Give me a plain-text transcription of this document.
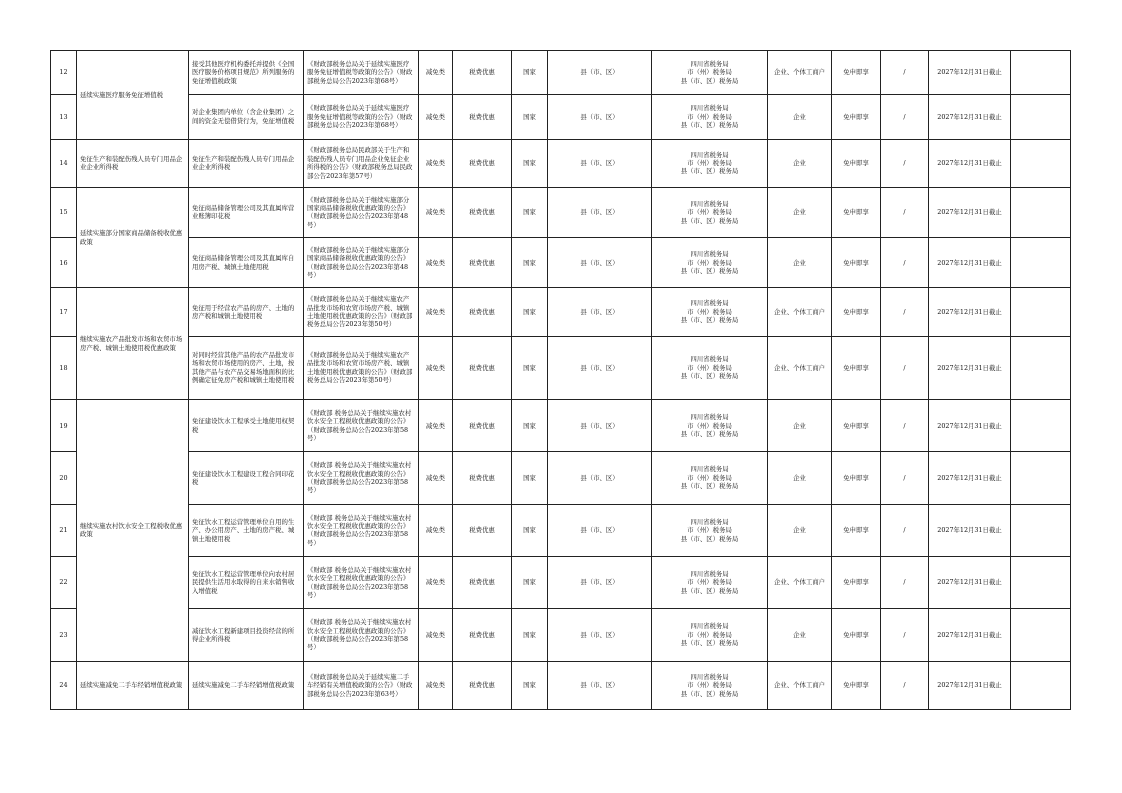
12	延续实施医疗服务免征增值税	接受其他医疗机构委托并提供《全国医疗服务价格项目规范》所列服务的免征增值税政策	《财政部税务总局关于延续实施医疗服务免征增值税等政策的公告》（财政部税务总局公告2023年第68号）	减免类	税费优惠	国家	县（市、区）	四川省税务局
市（州）税务局
县（市、区）税务局	企业、个体工商户	免申即享	/	2027年12月31日截止	
13		对企业集团内单位（含企业集团）之间的资金无偿借贷行为，免征增值税	《财政部税务总局关于延续实施医疗服务免征增值税等政策的公告》（财政部税务总局公告2023年第68号）	减免类	税费优惠	国家	县（市、区）	四川省税务局
市（州）税务局
县（市、区）税务局	企业	免申即享	/	2027年12月31日截止	
14	免征生产和装配伤残人员专门用品企业企业所得税	免征生产和装配伤残人员专门用品企业企业所得税	《财政部税务总局民政部关于生产和装配伤残人员专门用品企业免征企业所得税的公告》（财政部税务总局民政部公告2023年第57号）	减免类	税费优惠	国家	县（市、区）	四川省税务局
市（州）税务局
县（市、区）税务局	企业	免申即享	/	2027年12月31日截止	
15	延续实施部分国家商品储备税收优惠政策	免征商品储备管理公司及其直属库营业账簿印花税	《财政部税务总局关于继续实施部分国家商品储备税收优惠政策的公告》（财政部税务总局公告2023年第48号）	减免类	税费优惠	国家	县（市、区）	四川省税务局
市（州）税务局
县（市、区）税务局	企业	免申即享	/	2027年12月31日截止	
16		免征商品储备管理公司及其直属库自用房产税、城镇土地使用税	《财政部税务总局关于继续实施部分国家商品储备税收优惠政策的公告》（财政部税务总局公告2023年第48号）	减免类	税费优惠	国家	县（市、区）	四川省税务局
市（州）税务局
县（市、区）税务局	企业	免申即享	/	2027年12月31日截止	
17	继续实施农产品批发市场和农贸市场房产税、城镇土地使用税优惠政策	免征用于经营农产品的房产、土地的房产税和城镇土地使用税	《财政部税务总局关于继续实施农产品批发市场和农贸市场房产税、城镇土地使用税优惠政策的公告》（财政部税务总局公告2023年第50号）	减免类	税费优惠	国家	县（市、区）	四川省税务局
市（州）税务局
县（市、区）税务局	企业、个体工商户	免申即享	/	2027年12月31日截止	
18		对同时经营其他产品的农产品批发市场和农贸市场使用的房产、土地，按其他产品与农产品交易场地面积的比例确定征免房产税和城镇土地使用税	《财政部税务总局关于继续实施农产品批发市场和农贸市场房产税、城镇土地使用税优惠政策的公告》（财政部税务总局公告2023年第50号）	减免类	税费优惠	国家	县（市、区）	四川省税务局
市（州）税务局
县（市、区）税务局	企业、个体工商户	免申即享	/	2027年12月31日截止	
19	继续实施农村饮水安全工程税收优惠政策	免征建设饮水工程承受土地使用权契税	《财政部 税务总局关于继续实施农村饮水安全工程税收优惠政策的公告》（财政部税务总局公告2023年第58号）	减免类	税费优惠	国家	县（市、区）	四川省税务局
市（州）税务局
县（市、区）税务局	企业	免申即享	/	2027年12月31日截止	
20		免征建设饮水工程建设工程合同印花税	《财政部 税务总局关于继续实施农村饮水安全工程税收优惠政策的公告》（财政部税务总局公告2023年第58号）	减免类	税费优惠	国家	县（市、区）	四川省税务局
市（州）税务局
县（市、区）税务局	企业	免申即享	/	2027年12月31日截止	
21		免征饮水工程运营管理单位自用的生产、办公用房产、土地的房产税、城镇土地使用税	《财政部 税务总局关于继续实施农村饮水安全工程税收优惠政策的公告》（财政部税务总局公告2023年第58号）	减免类	税费优惠	国家	县（市、区）	四川省税务局
市（州）税务局
县（市、区）税务局	企业	免申即享	/	2027年12月31日截止	
22		免征饮水工程运营管理单位向农村居民提供生活用水取得的自来水销售收入增值税	《财政部 税务总局关于继续实施农村饮水安全工程税收优惠政策的公告》（财政部税务总局公告2023年第58号）	减免类	税费优惠	国家	县（市、区）	四川省税务局
市（州）税务局
县（市、区）税务局	企业、个体工商户	免申即享	/	2027年12月31日截止	
23		减征饮水工程新建项目投资经营的所得企业所得税	《财政部 税务总局关于继续实施农村饮水安全工程税收优惠政策的公告》（财政部税务总局公告2023年第58号）	减免类	税费优惠	国家	县（市、区）	四川省税务局
市（州）税务局
县（市、区）税务局	企业	免申即享	/	2027年12月31日截止	
24	延续实施减免二手车经销增值税政策	延续实施减免二手车经销增值税政策	《财政部税务总局关于延续实施二手车经销有关增值税政策的公告》（财政部税务总局公告2023年第63号）	减免类	税费优惠	国家	县（市、区）	四川省税务局
市（州）税务局
县（市、区）税务局	企业、个体工商户	免申即享	/	2027年12月31日截止	
